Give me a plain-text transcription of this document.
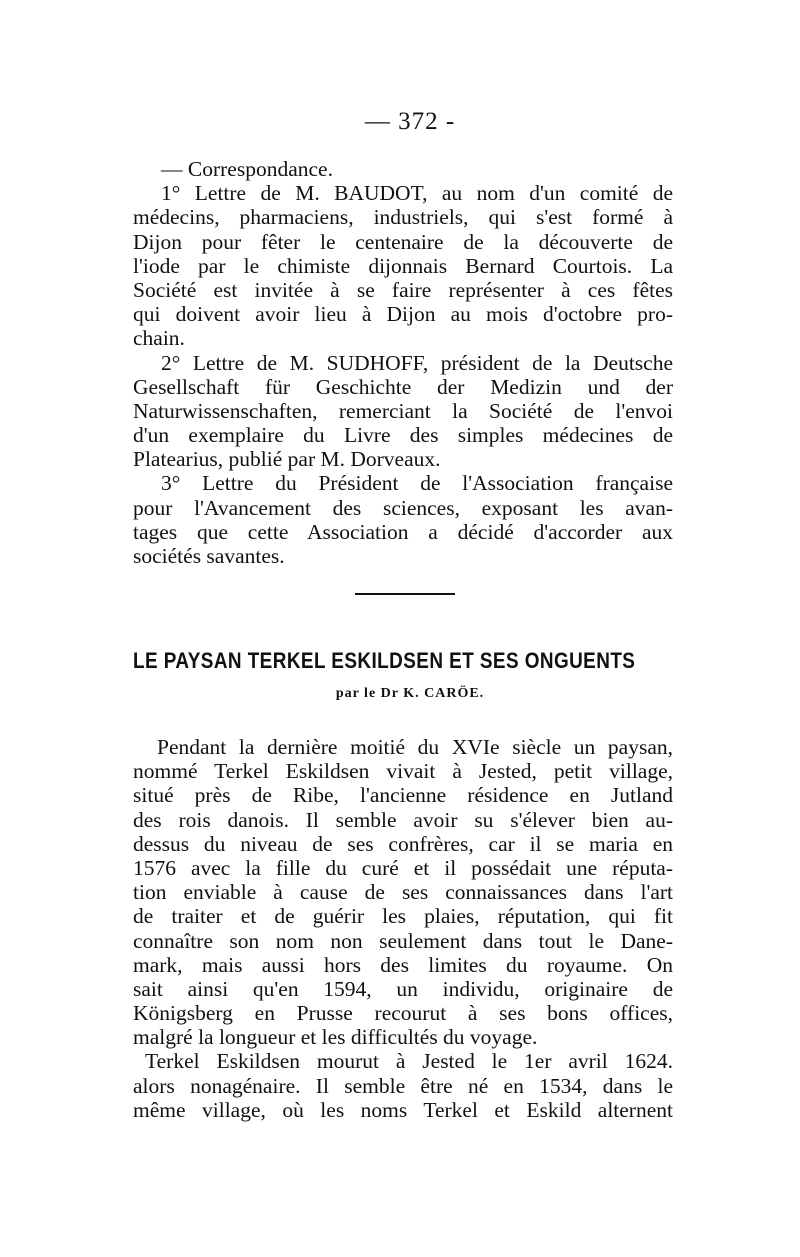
— 372 -
— Correspondance.
1° Lettre de M. BAUDOT, au nom d'un comité de
médecins, pharmaciens, industriels, qui s'est formé à
Dijon pour fêter le centenaire de la découverte de
l'iode par le chimiste dijonnais Bernard Courtois. La
Société est invitée à se faire représenter à ces fêtes
qui doivent avoir lieu à Dijon au mois d'octobre pro-
chain.
2° Lettre de M. SUDHOFF, président de la Deutsche
Gesellschaft für Geschichte der Medizin und der
Naturwissenschaften, remerciant la Société de l'envoi
d'un exemplaire du Livre des simples médecines de
Platearius, publié par M. Dorveaux.
3° Lettre du Président de l'Association française
pour l'Avancement des sciences, exposant les avan-
tages que cette Association a décidé d'accorder aux
sociétés savantes.
LE PAYSAN TERKEL ESKILDSEN ET SES ONGUENTS
par le Dr K. CARÖE.
Pendant la dernière moitié du XVIe siècle un paysan,
nommé Terkel Eskildsen vivait à Jested, petit village,
situé près de Ribe, l'ancienne résidence en Jutland
des rois danois. Il semble avoir su s'élever bien au-
dessus du niveau de ses confrères, car il se maria en
1576 avec la fille du curé et il possédait une réputa-
tion enviable à cause de ses connaissances dans l'art
de traiter et de guérir les plaies, réputation, qui fit
connaître son nom non seulement dans tout le Dane-
mark, mais aussi hors des limites du royaume. On
sait ainsi qu'en 1594, un individu, originaire de
Königsberg en Prusse recourut à ses bons offices,
malgré la longueur et les difficultés du voyage.
Terkel Eskildsen mourut à Jested le 1er avril 1624.
alors nonagénaire. Il semble être né en 1534, dans le
même village, où les noms Terkel et Eskild alternent
